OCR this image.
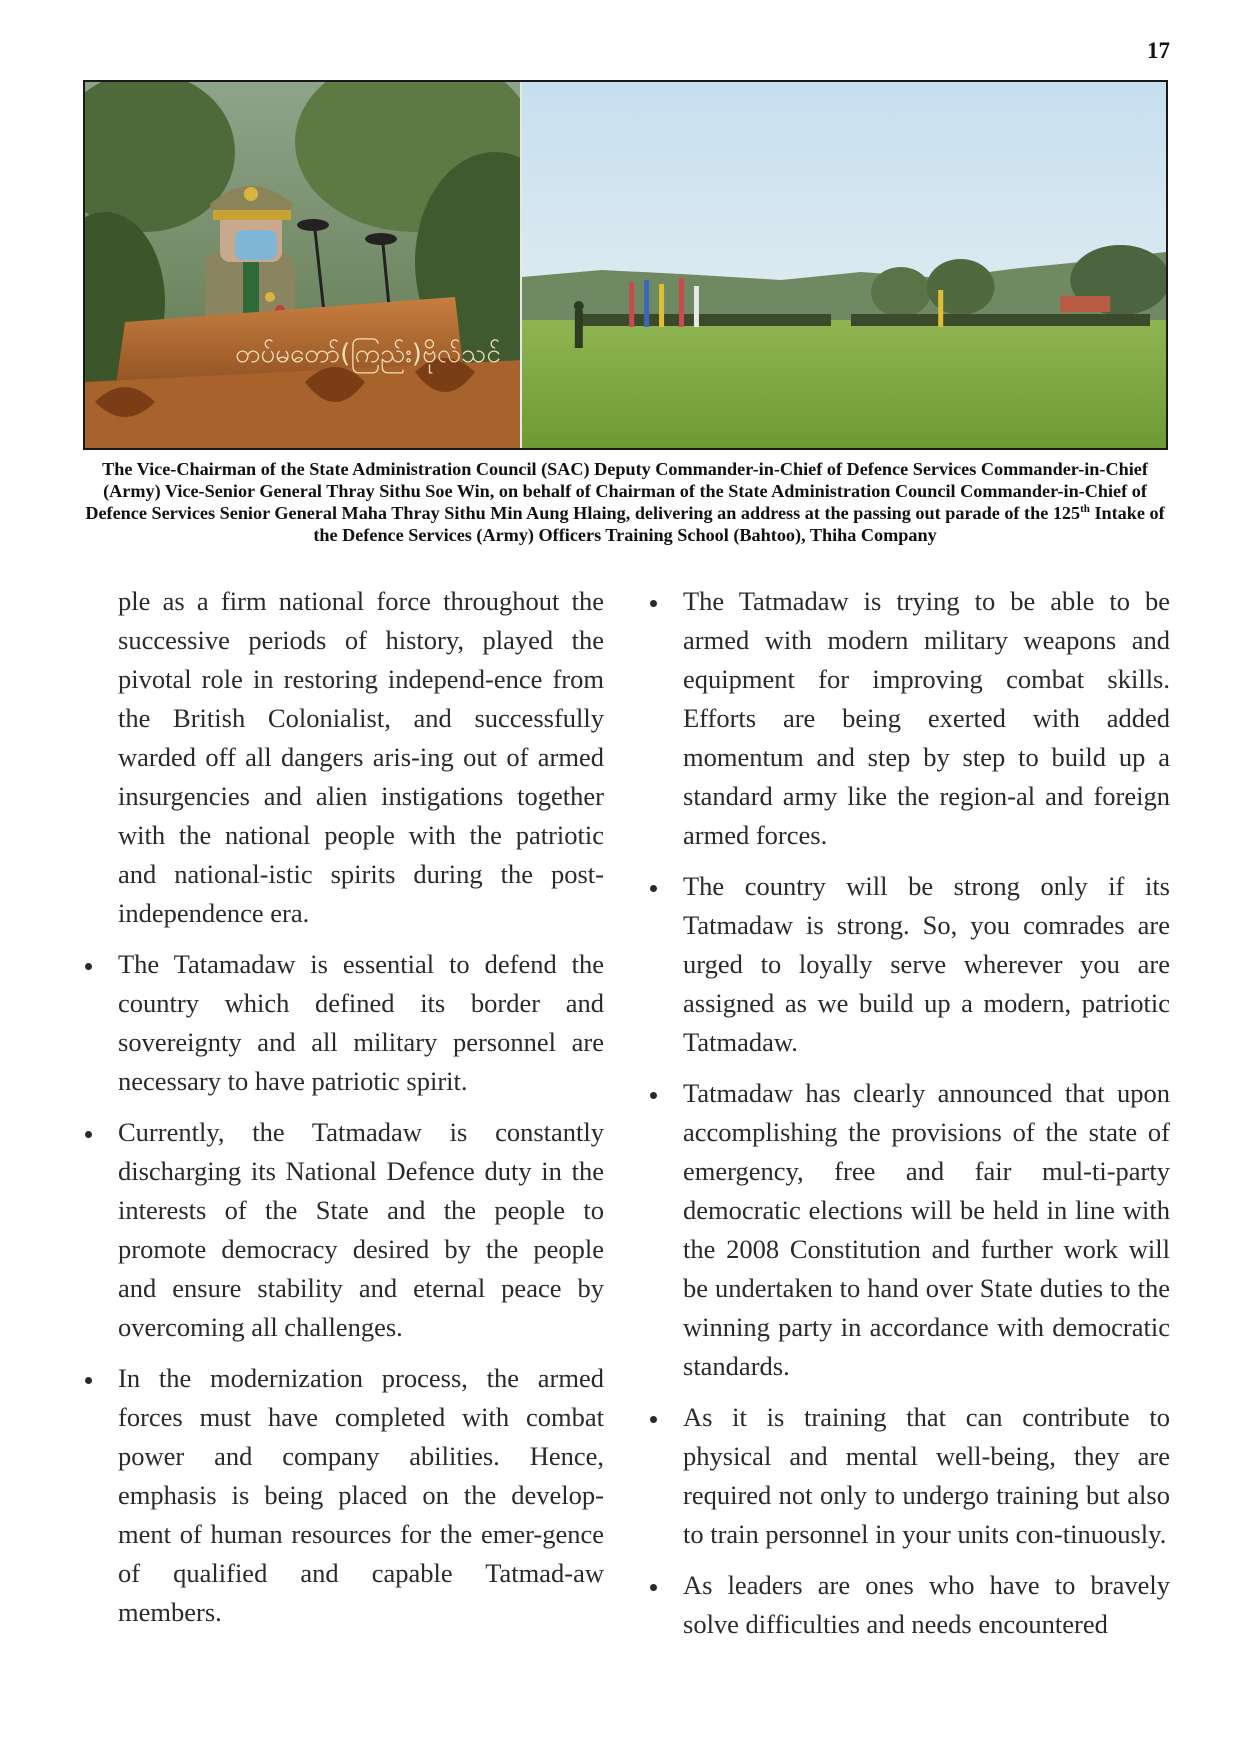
17
တပ်မတော်(ကြည်း)ဗိုလ်သင်
The Vice-Chairman of the State Administration Council (SAC) Deputy Commander-in-Chief of Defence Services Commander-in-Chief (Army) Vice-Senior General Thray Sithu Soe Win, on behalf of Chairman of the State Administration Council Commander-in-Chief of Defence Services Senior General Maha Thray Sithu Min Aung Hlaing, delivering an address at the passing out parade of the 125th Intake of the Defence Services (Army) Officers Training School (Bahtoo), Thiha Company

ple as a firm national force throughout the successive periods of history, played the pivotal role in restoring independ-ence from the British Colonialist, and successfully warded off all dangers aris-ing out of armed insurgencies and alien instigations together with the national people with the patriotic and national-istic spirits during the post-independence era.

The Tatamadaw is essential to defend the country which defined its border and sovereignty and all military personnel are necessary to have patriotic spirit.

Currently, the Tatmadaw is constantly discharging its National Defence duty in the interests of the State and the people to promote democracy desired by the people and ensure stability and eternal peace by overcoming all challenges.

In the modernization process, the armed forces must have completed with combat power and company abilities. Hence, emphasis is being placed on the develop-ment of human resources for the emer-gence of qualified and capable Tatmad-aw members.

The Tatmadaw is trying to be able to be armed with modern military weapons and equipment for improving combat skills. Efforts are being exerted with added momentum and step by step to build up a standard army like the region-al and foreign armed forces.

The country will be strong only if its Tatmadaw is strong. So, you comrades are urged to loyally serve wherever you are assigned as we build up a modern, patriotic Tatmadaw.

Tatmadaw has clearly announced that upon accomplishing the provisions of the state of emergency, free and fair mul-ti-party democratic elections will be held in line with the 2008 Constitution and further work will be undertaken to hand over State duties to the winning party in accordance with democratic standards.

As it is training that can contribute to physical and mental well-being, they are required not only to undergo training but also to train personnel in your units con-tinuously.

As leaders are ones who have to bravely solve difficulties and needs encountered
